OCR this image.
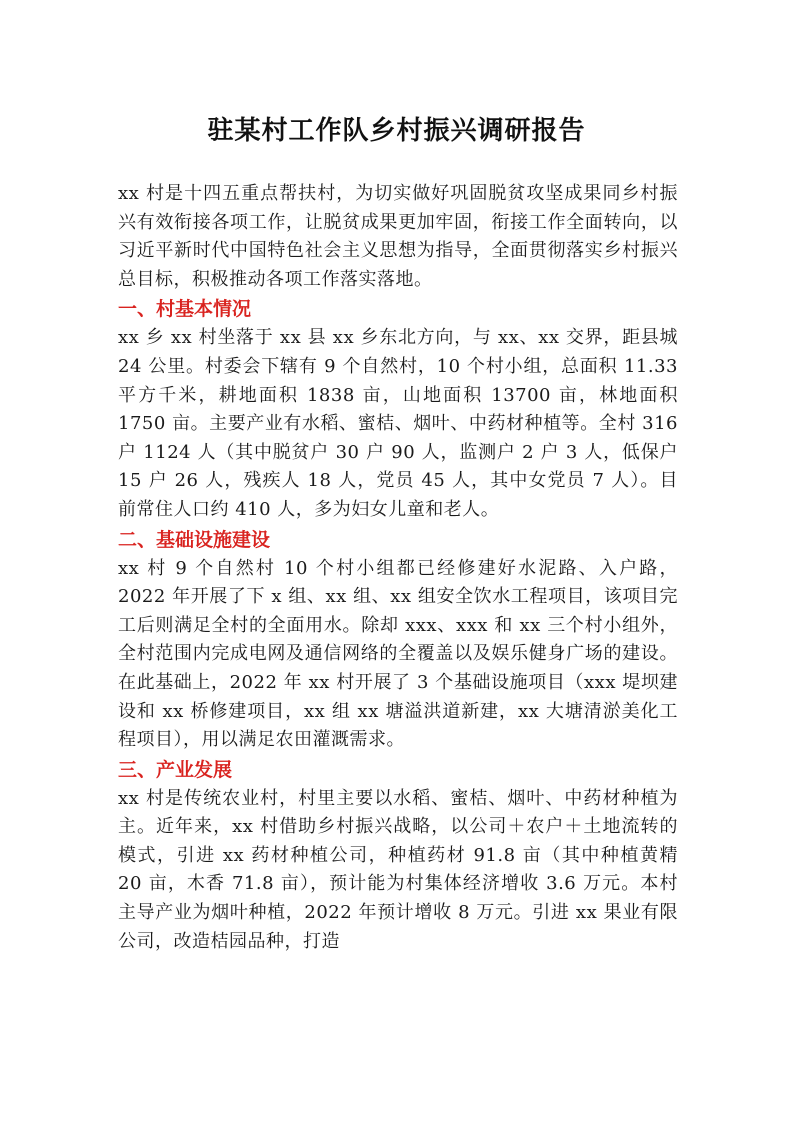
驻某村工作队乡村振兴调研报告

xx 村是十四五重点帮扶村，为切实做好巩固脱贫攻坚成果同乡村振兴有效衔接各项工作，让脱贫成果更加牢固，衔接工作全面转向，以习近平新时代中国特色社会主义思想为指导，全面贯彻落实乡村振兴总目标，积极推动各项工作落实落地。

一、村基本情况

xx 乡 xx 村坐落于 xx 县 xx 乡东北方向，与 xx、xx 交界，距县城 24 公里。村委会下辖有 9 个自然村，10 个村小组，总面积 11.33 平方千米，耕地面积 1838 亩，山地面积 13700 亩，林地面积 1750 亩。主要产业有水稻、蜜桔、烟叶、中药材种植等。全村 316 户 1124 人（其中脱贫户 30 户 90 人，监测户 2 户 3 人，低保户 15 户 26 人，残疾人 18 人，党员 45 人，其中女党员 7 人）。目前常住人口约 410 人，多为妇女儿童和老人。

二、基础设施建设

xx 村 9 个自然村 10 个村小组都已经修建好水泥路、入户路，2022 年开展了下 x 组、xx 组、xx 组安全饮水工程项目，该项目完工后则满足全村的全面用水。除却 xxx、xxx 和 xx 三个村小组外，全村范围内完成电网及通信网络的全覆盖以及娱乐健身广场的建设。在此基础上，2022 年 xx 村开展了 3 个基础设施项目（xxx 堤坝建设和 xx 桥修建项目，xx 组 xx 塘溢洪道新建，xx 大塘清淤美化工程项目），用以满足农田灌溉需求。

三、产业发展

xx 村是传统农业村，村里主要以水稻、蜜桔、烟叶、中药材种植为主。近年来，xx 村借助乡村振兴战略，以公司＋农户＋土地流转的模式，引进 xx 药材种植公司，种植药材 91.8 亩（其中种植黄精 20 亩，木香 71.8 亩），预计能为村集体经济增收 3.6 万元。本村主导产业为烟叶种植，2022 年预计增收 8 万元。引进 xx 果业有限公司，改造桔园品种，打造
